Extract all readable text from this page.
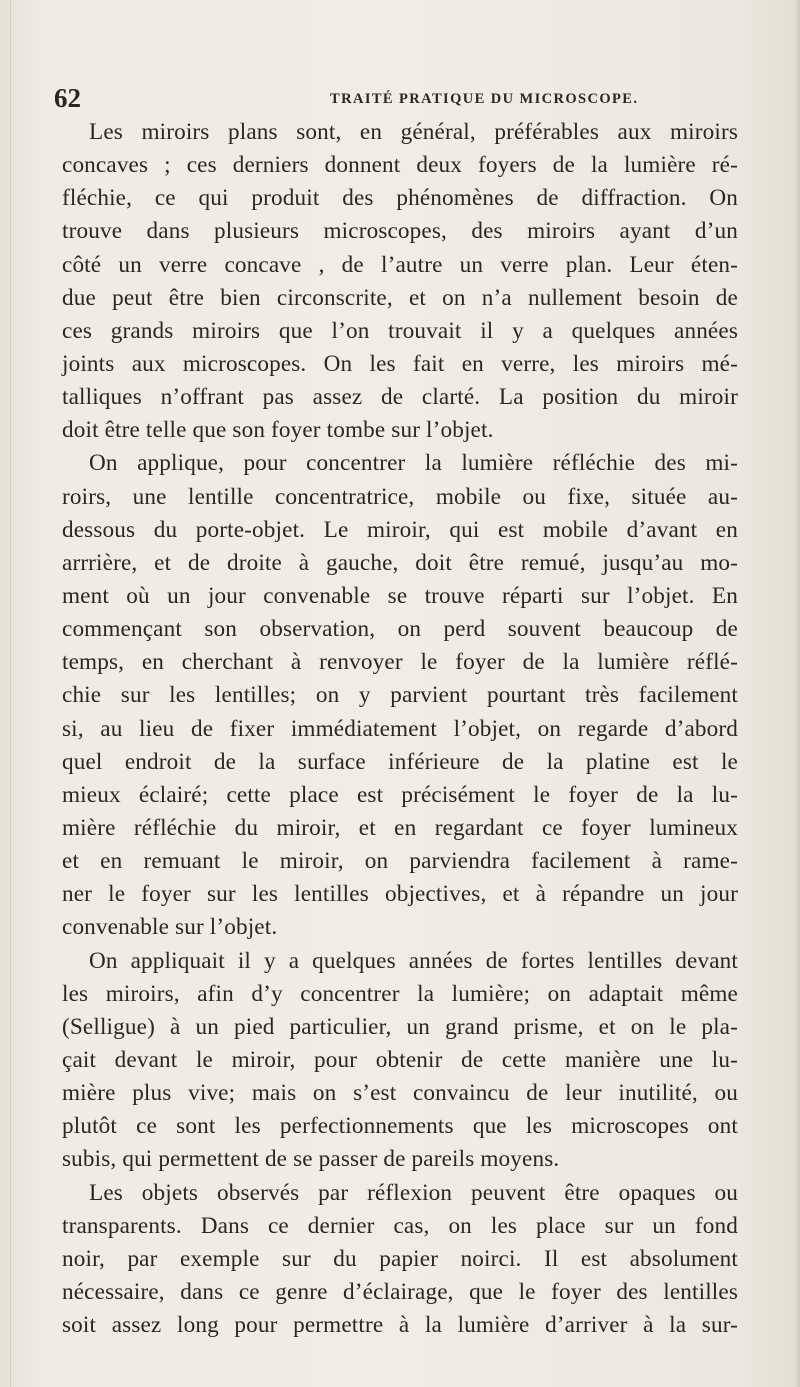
62	TRAITÉ PRATIQUE DU MICROSCOPE.
Les miroirs plans sont, en général, préférables aux miroirs
concaves ; ces derniers donnent deux foyers de la lumière ré-
fléchie, ce qui produit des phénomènes de diffraction. On
trouve dans plusieurs microscopes, des miroirs ayant d’un
côté un verre concave , de l’autre un verre plan. Leur éten-
due peut être bien circonscrite, et on n’a nullement besoin de
ces grands miroirs que l’on trouvait il y a quelques années
joints aux microscopes. On les fait en verre, les miroirs mé-
talliques n’offrant pas assez de clarté. La position du miroir
doit être telle que son foyer tombe sur l’objet.
On applique, pour concentrer la lumière réfléchie des mi-
roirs, une lentille concentratrice, mobile ou fixe, située au-
dessous du porte-objet. Le miroir, qui est mobile d’avant en
arrrière, et de droite à gauche, doit être remué, jusqu’au mo-
ment où un jour convenable se trouve réparti sur l’objet. En
commençant son observation, on perd souvent beaucoup de
temps, en cherchant à renvoyer le foyer de la lumière réflé-
chie sur les lentilles; on y parvient pourtant très facilement
si, au lieu de fixer immédiatement l’objet, on regarde d’abord
quel endroit de la surface inférieure de la platine est le
mieux éclairé; cette place est précisément le foyer de la lu-
mière réfléchie du miroir, et en regardant ce foyer lumineux
et en remuant le miroir, on parviendra facilement à rame-
ner le foyer sur les lentilles objectives, et à répandre un jour
convenable sur l’objet.
On appliquait il y a quelques années de fortes lentilles devant
les miroirs, afin d’y concentrer la lumière; on adaptait même
(Selligue) à un pied particulier, un grand prisme, et on le pla-
çait devant le miroir, pour obtenir de cette manière une lu-
mière plus vive; mais on s’est convaincu de leur inutilité, ou
plutôt ce sont les perfectionnements que les microscopes ont
subis, qui permettent de se passer de pareils moyens.
Les objets observés par réflexion peuvent être opaques ou
transparents. Dans ce dernier cas, on les place sur un fond
noir, par exemple sur du papier noirci. Il est absolument
nécessaire, dans ce genre d’éclairage, que le foyer des lentilles
soit assez long pour permettre à la lumière d’arriver à la sur-
